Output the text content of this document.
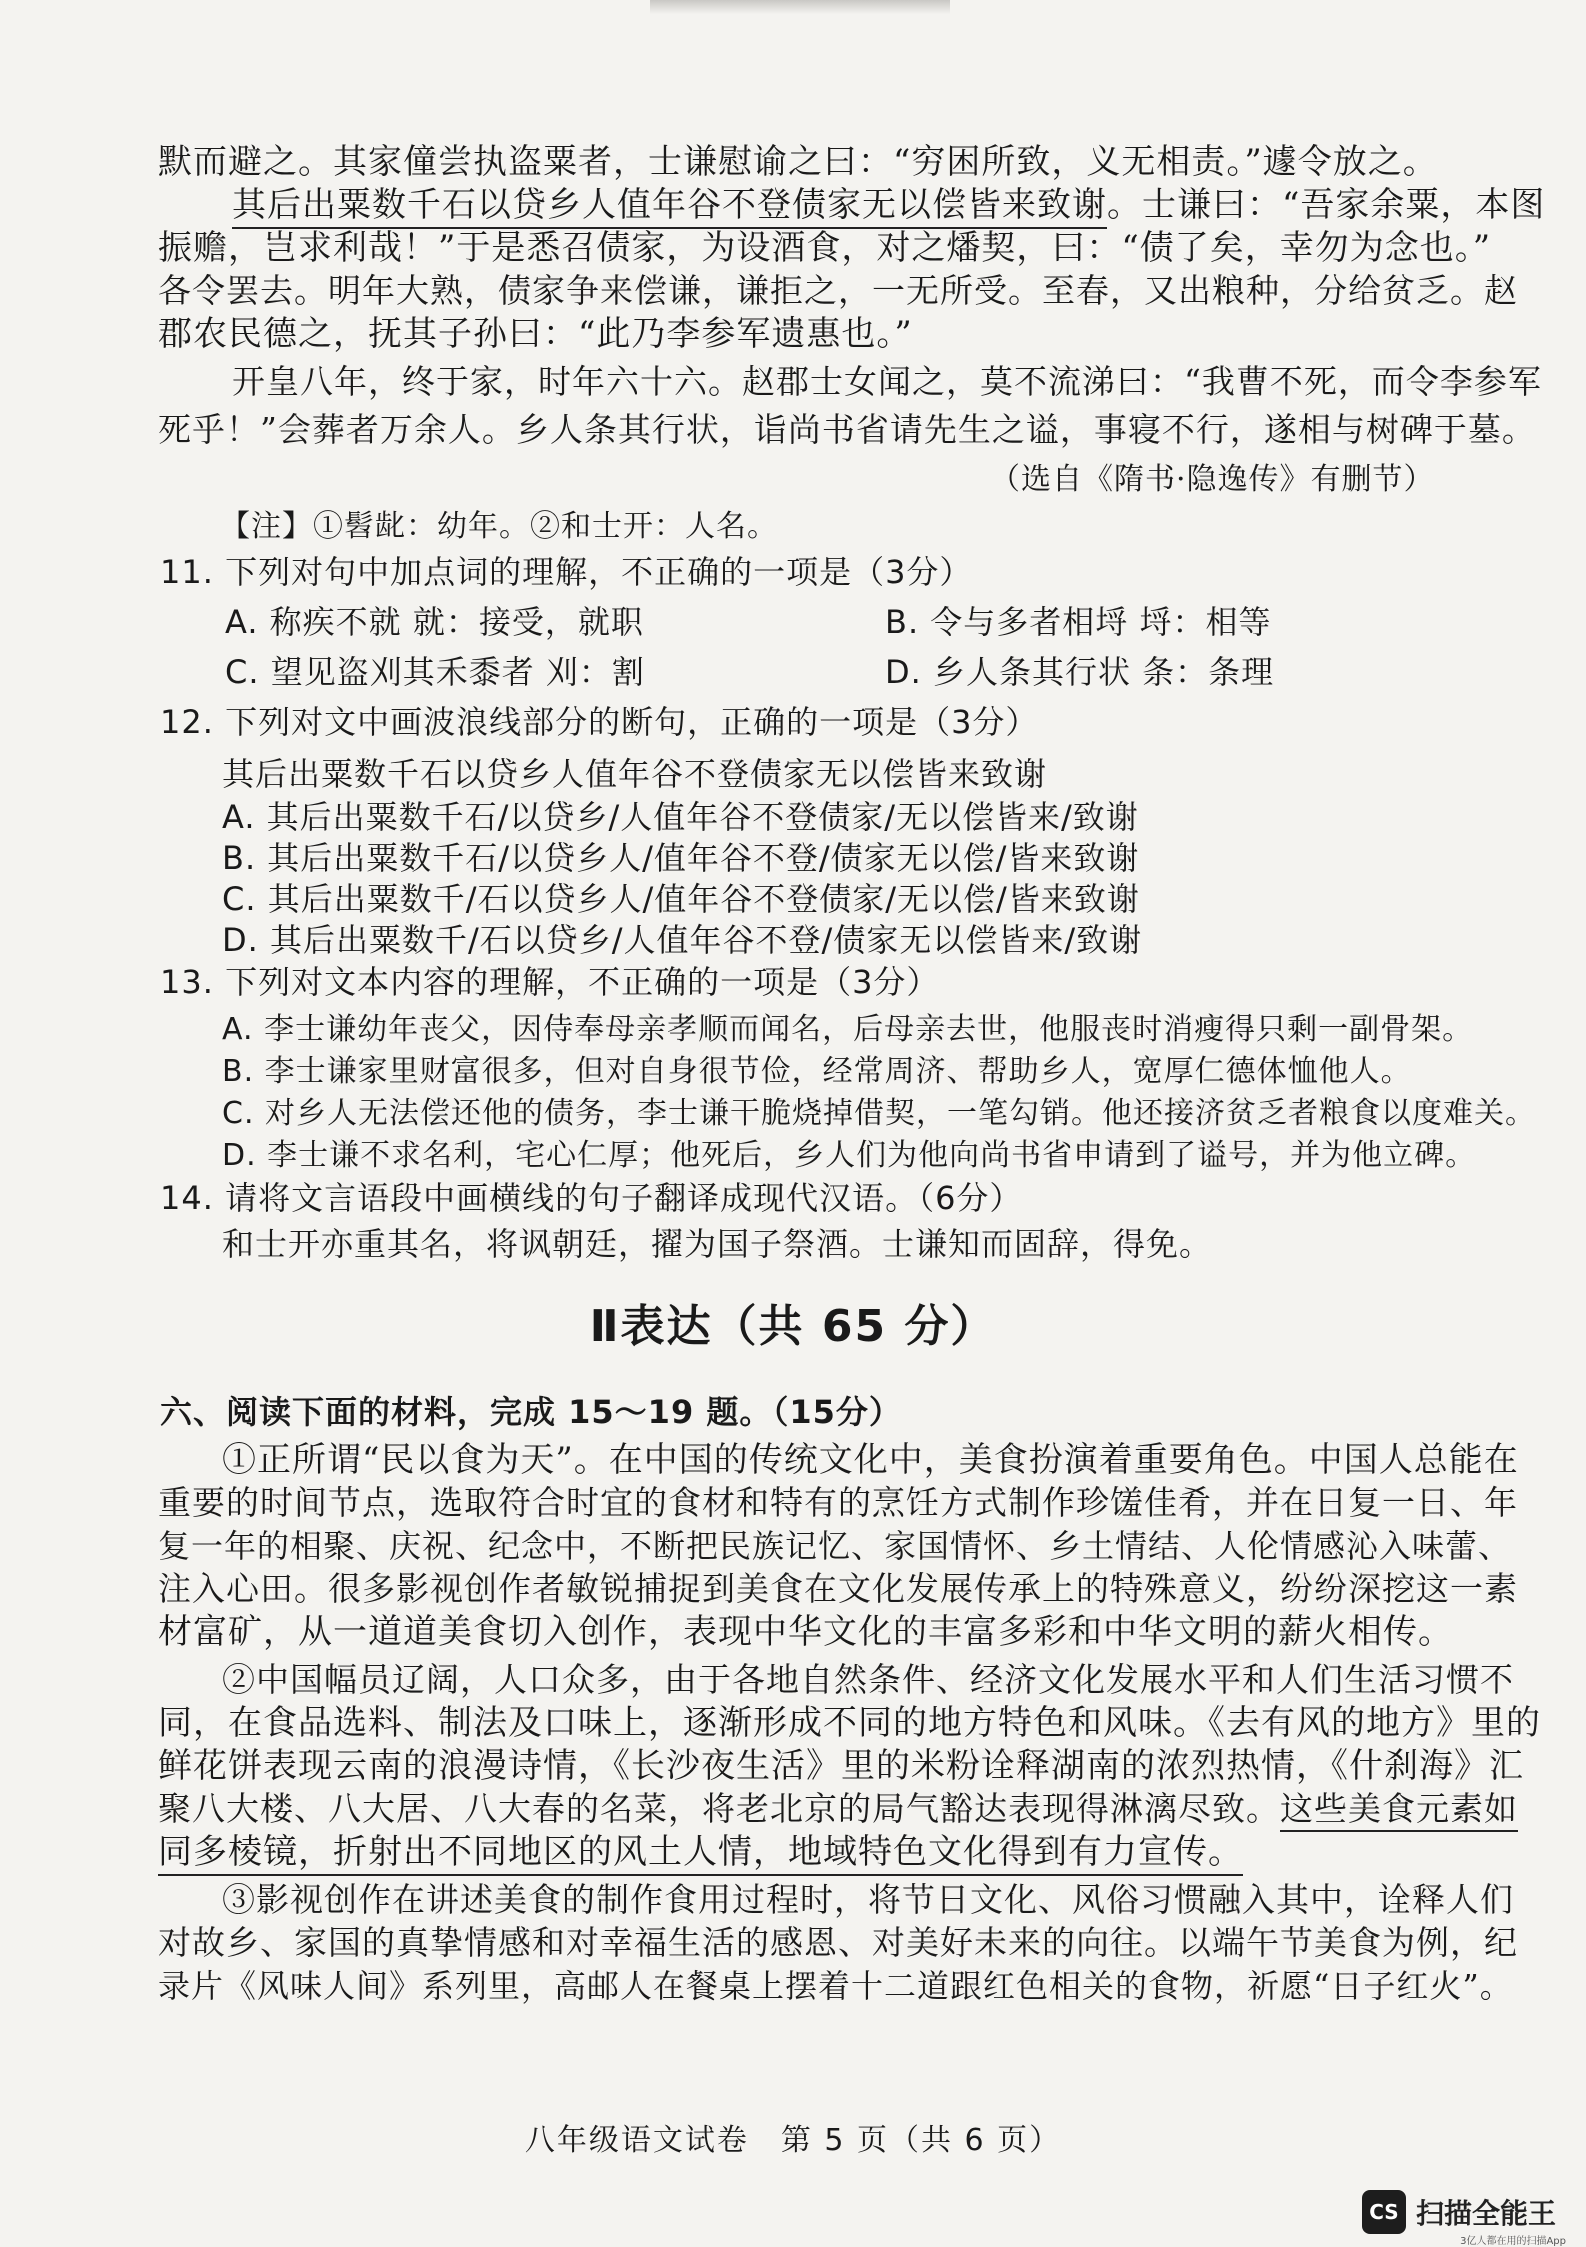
默而避之。其家僮尝执盗粟者，士谦慰谕之曰：“穷困所致，义无相责。”遽令放之。
其后出粟数千石以贷乡人值年谷不登债家无以偿皆来致谢。士谦曰：“吾家余粟，本图
振赡，岂求利哉！”于是悉召债家，为设酒食，对之燔契，曰：“债了矣，幸勿为念也。”
各令罢去。明年大熟，债家争来偿谦，谦拒之，一无所受。至春，又出粮种，分给贫乏。赵
郡农民德之，抚其子孙曰：“此乃李参军遗惠也。”
开皇八年，终于家，时年六十六。赵郡士女闻之，莫不流涕曰：“我曹不死，而令李参军
死乎！”会葬者万余人。乡人条其行状，诣尚书省请先生之谥，事寝不行，遂相与树碑于墓。
（选自《隋书·隐逸传》有删节）
【注】①髫龀：幼年。②和士开：人名。
11. 下列对句中加点词的理解，不正确的一项是（3分）
A. 称疾不就 就：接受，就职	B. 令与多者相埒 埒：相等
C. 望见盗刈其禾黍者 刈：割	D. 乡人条其行状 条：条理
12. 下列对文中画波浪线部分的断句，正确的一项是（3分）
其后出粟数千石以贷乡人值年谷不登债家无以偿皆来致谢
A. 其后出粟数千石/以贷乡/人值年谷不登债家/无以偿皆来/致谢
B. 其后出粟数千石/以贷乡人/值年谷不登/债家无以偿/皆来致谢
C. 其后出粟数千/石以贷乡人/值年谷不登债家/无以偿/皆来致谢
D. 其后出粟数千/石以贷乡/人值年谷不登/债家无以偿皆来/致谢
13. 下列对文本内容的理解，不正确的一项是（3分）
A. 李士谦幼年丧父，因侍奉母亲孝顺而闻名，后母亲去世，他服丧时消瘦得只剩一副骨架。
B. 李士谦家里财富很多，但对自身很节俭，经常周济、帮助乡人，宽厚仁德体恤他人。
C. 对乡人无法偿还他的债务，李士谦干脆烧掉借契，一笔勾销。他还接济贫乏者粮食以度难关。
D. 李士谦不求名利，宅心仁厚；他死后，乡人们为他向尚书省申请到了谥号，并为他立碑。
14. 请将文言语段中画横线的句子翻译成现代汉语。（6分）
和士开亦重其名，将讽朝廷，擢为国子祭酒。士谦知而固辞，得免。
Ⅱ表达（共 65 分）
六、阅读下面的材料，完成 15～19 题。（15分）
①正所谓“民以食为天”。在中国的传统文化中，美食扮演着重要角色。中国人总能在
重要的时间节点，选取符合时宜的食材和特有的烹饪方式制作珍馐佳肴，并在日复一日、年
复一年的相聚、庆祝、纪念中，不断把民族记忆、家国情怀、乡土情结、人伦情感沁入味蕾、
注入心田。很多影视创作者敏锐捕捉到美食在文化发展传承上的特殊意义，纷纷深挖这一素
材富矿，从一道道美食切入创作，表现中华文化的丰富多彩和中华文明的薪火相传。
②中国幅员辽阔，人口众多，由于各地自然条件、经济文化发展水平和人们生活习惯不
同，在食品选料、制法及口味上，逐渐形成不同的地方特色和风味。《去有风的地方》里的
鲜花饼表现云南的浪漫诗情，《长沙夜生活》里的米粉诠释湖南的浓烈热情，《什刹海》汇
聚八大楼、八大居、八大春的名菜，将老北京的局气豁达表现得淋漓尽致。这些美食元素如
同多棱镜，折射出不同地区的风土人情，地域特色文化得到有力宣传。
③影视创作在讲述美食的制作食用过程时，将节日文化、风俗习惯融入其中，诠释人们
对故乡、家国的真挚情感和对幸福生活的感恩、对美好未来的向往。以端午节美食为例，纪
录片《风味人间》系列里，高邮人在餐桌上摆着十二道跟红色相关的食物，祈愿“日子红火”。
八年级语文试卷　第 5 页（共 6 页）
CS 扫描全能王
3亿人都在用的扫描App
